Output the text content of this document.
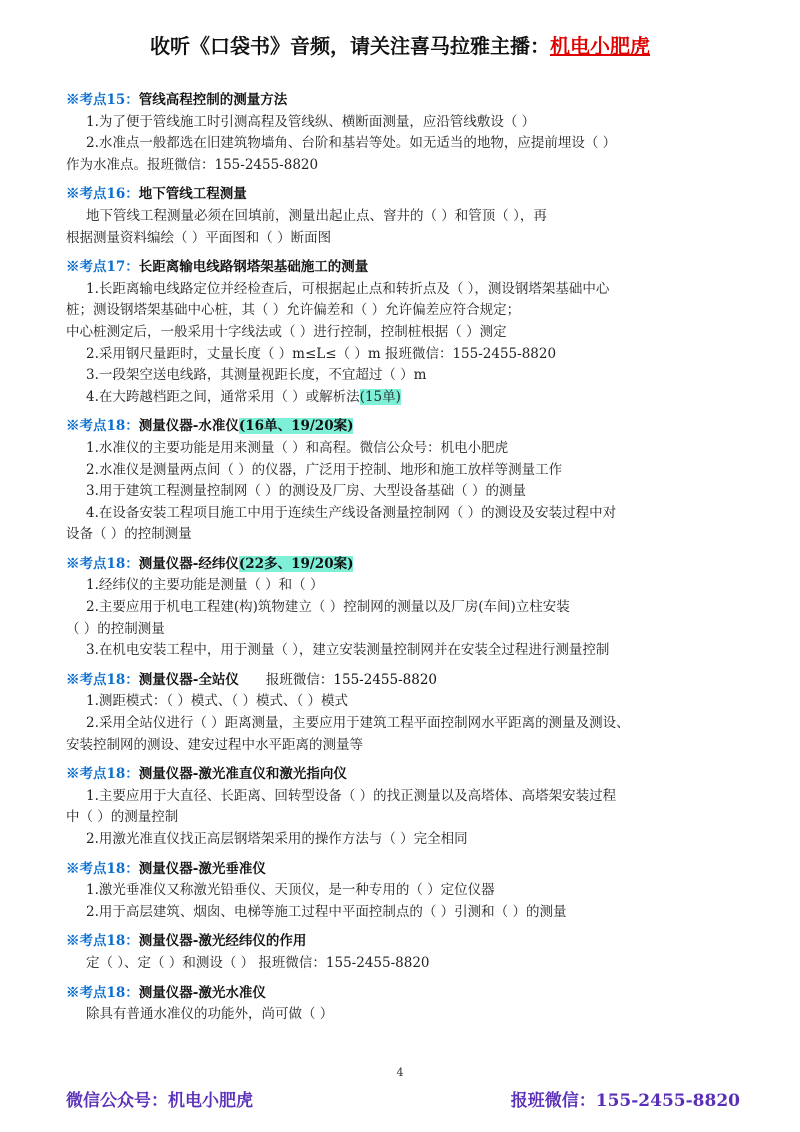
收听《口袋书》音频，请关注喜马拉雅主播：机电小肥虎
※考点15：管线高程控制的测量方法
1.为了便于管线施工时引测高程及管线纵、横断面测量，应沿管线敷设（ ）
2.水准点一般都选在旧建筑物墙角、台阶和基岩等处。如无适当的地物，应提前埋设（ ）
作为水准点。报班微信：155-2455-8820
※考点16：地下管线工程测量
地下管线工程测量必须在回填前，测量出起止点、窨井的（ ）和管顶（ ），再
根据测量资料编绘（ ）平面图和（ ）断面图
※考点17：长距离输电线路钢塔架基础施工的测量
1.长距离输电线路定位并经检查后，可根据起止点和转折点及（ ），测设钢塔架基础中心
桩；测设钢塔架基础中心桩，其（ ）允许偏差和（ ）允许偏差应符合规定；
中心桩测定后，一般采用十字线法或（ ）进行控制，控制桩根据（ ）测定
2.采用钢尺量距时，丈量长度（ ）m≤L≤（ ）m 报班微信：155-2455-8820
3.一段架空送电线路，其测量视距长度，不宜超过（ ）m
4.在大跨越档距之间，通常采用（ ）或解析法(15单)
※考点18：测量仪器-水准仪(16单、19/20案)
1.水准仪的主要功能是用来测量（ ）和高程。微信公众号：机电小肥虎
2.水准仪是测量两点间（ ）的仪器，广泛用于控制、地形和施工放样等测量工作
3.用于建筑工程测量控制网（ ）的测设及厂房、大型设备基础（ ）的测量
4.在设备安装工程项目施工中用于连续生产线设备测量控制网（ ）的测设及安装过程中对
设备（ ）的控制测量
※考点18：测量仪器-经纬仪(22多、19/20案)
1.经纬仪的主要功能是测量（ ）和（ ）
2.主要应用于机电工程建(构)筑物建立（ ）控制网的测量以及厂房(车间)立柱安装
（ ）的控制测量
3.在机电安装工程中，用于测量（ ），建立安装测量控制网并在安装全过程进行测量控制
※考点18：测量仪器-全站仪   报班微信：155-2455-8820
1.测距模式：（ ）模式、（ ）模式、（ ）模式
2.采用全站仪进行（ ）距离测量，主要应用于建筑工程平面控制网水平距离的测量及测设、
安装控制网的测设、建安过程中水平距离的测量等
※考点18：测量仪器-激光准直仪和激光指向仪
1.主要应用于大直径、长距离、回转型设备（ ）的找正测量以及高塔体、高塔架安装过程
中（ ）的测量控制
2.用激光准直仪找正高层钢塔架采用的操作方法与（ ）完全相同
※考点18：测量仪器-激光垂准仪
1.激光垂准仪又称激光铅垂仪、天顶仪，是一种专用的（ ）定位仪器
2.用于高层建筑、烟囱、电梯等施工过程中平面控制点的（ ）引测和（ ）的测量
※考点18：测量仪器-激光经纬仪的作用
定（ ）、定（ ）和测设（ ） 报班微信：155-2455-8820
※考点18：测量仪器-激光水准仪
除具有普通水准仪的功能外，尚可做（ ）
4
微信公众号：机电小肥虎	报班微信：155-2455-8820
